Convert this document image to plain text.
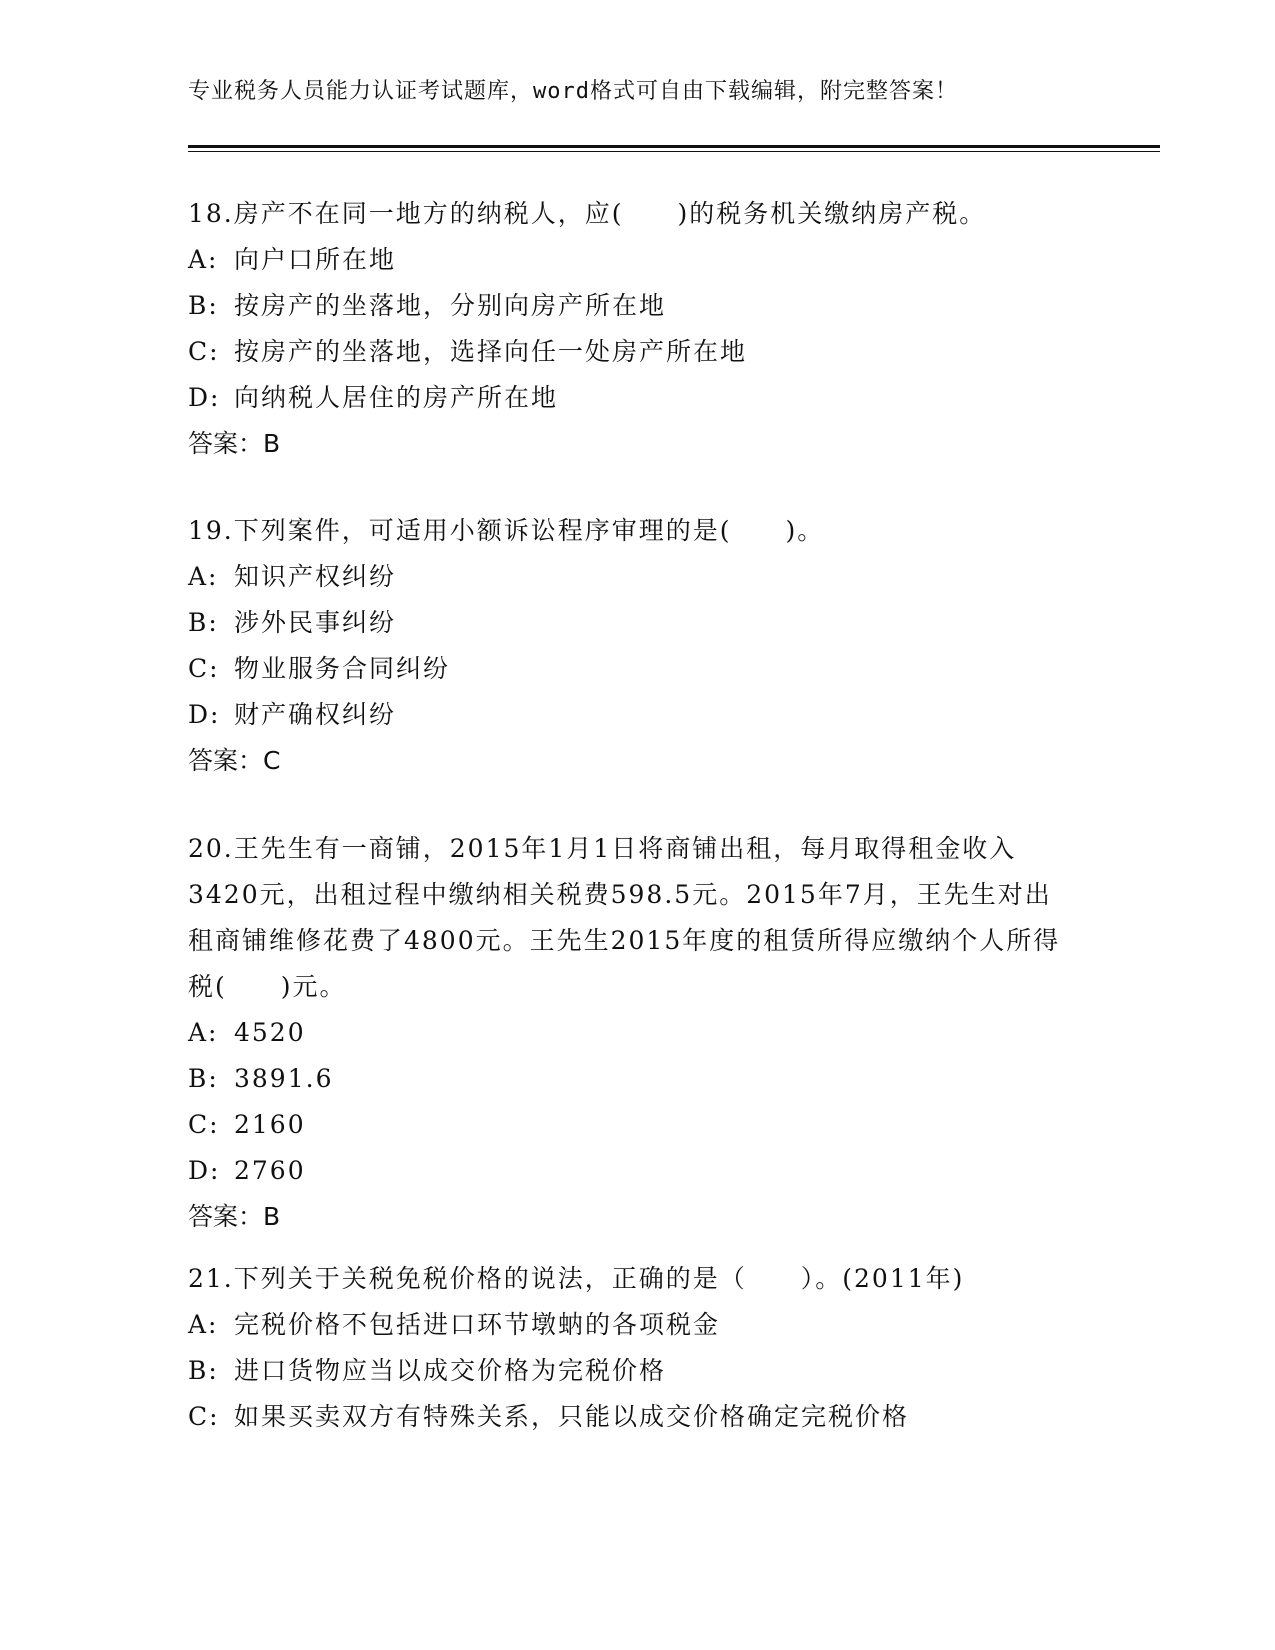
专业税务人员能力认证考试题库，word格式可自由下载编辑，附完整答案！

18.房产不在同一地方的纳税人，应(　　)的税务机关缴纳房产税。

A: 向户口所在地

B: 按房产的坐落地，分别向房产所在地

C: 按房产的坐落地，选择向任一处房产所在地

D: 向纳税人居住的房产所在地

答案：B

19.下列案件，可适用小额诉讼程序审理的是(　　)。

A: 知识产权纠纷

B: 涉外民事纠纷

C: 物业服务合同纠纷

D: 财产确权纠纷

答案：C

20.王先生有一商铺，2015年1月1日将商铺出租，每月取得租金收入3420元，出租过程中缴纳相关税费598.5元。2015年7月，王先生对出租商铺维修花费了4800元。王先生2015年度的租赁所得应缴纳个人所得税(　　)元。

A: 4520

B: 3891.6

C: 2160

D: 2760

答案：B

21.下列关于关税免税价格的说法，正确的是（　　）。(2011年)

A: 完税价格不包括进口环节墩蚋的各项税金

B: 进口货物应当以成交价格为完税价格

C: 如果买卖双方有特殊关系，只能以成交价格确定完税价格
